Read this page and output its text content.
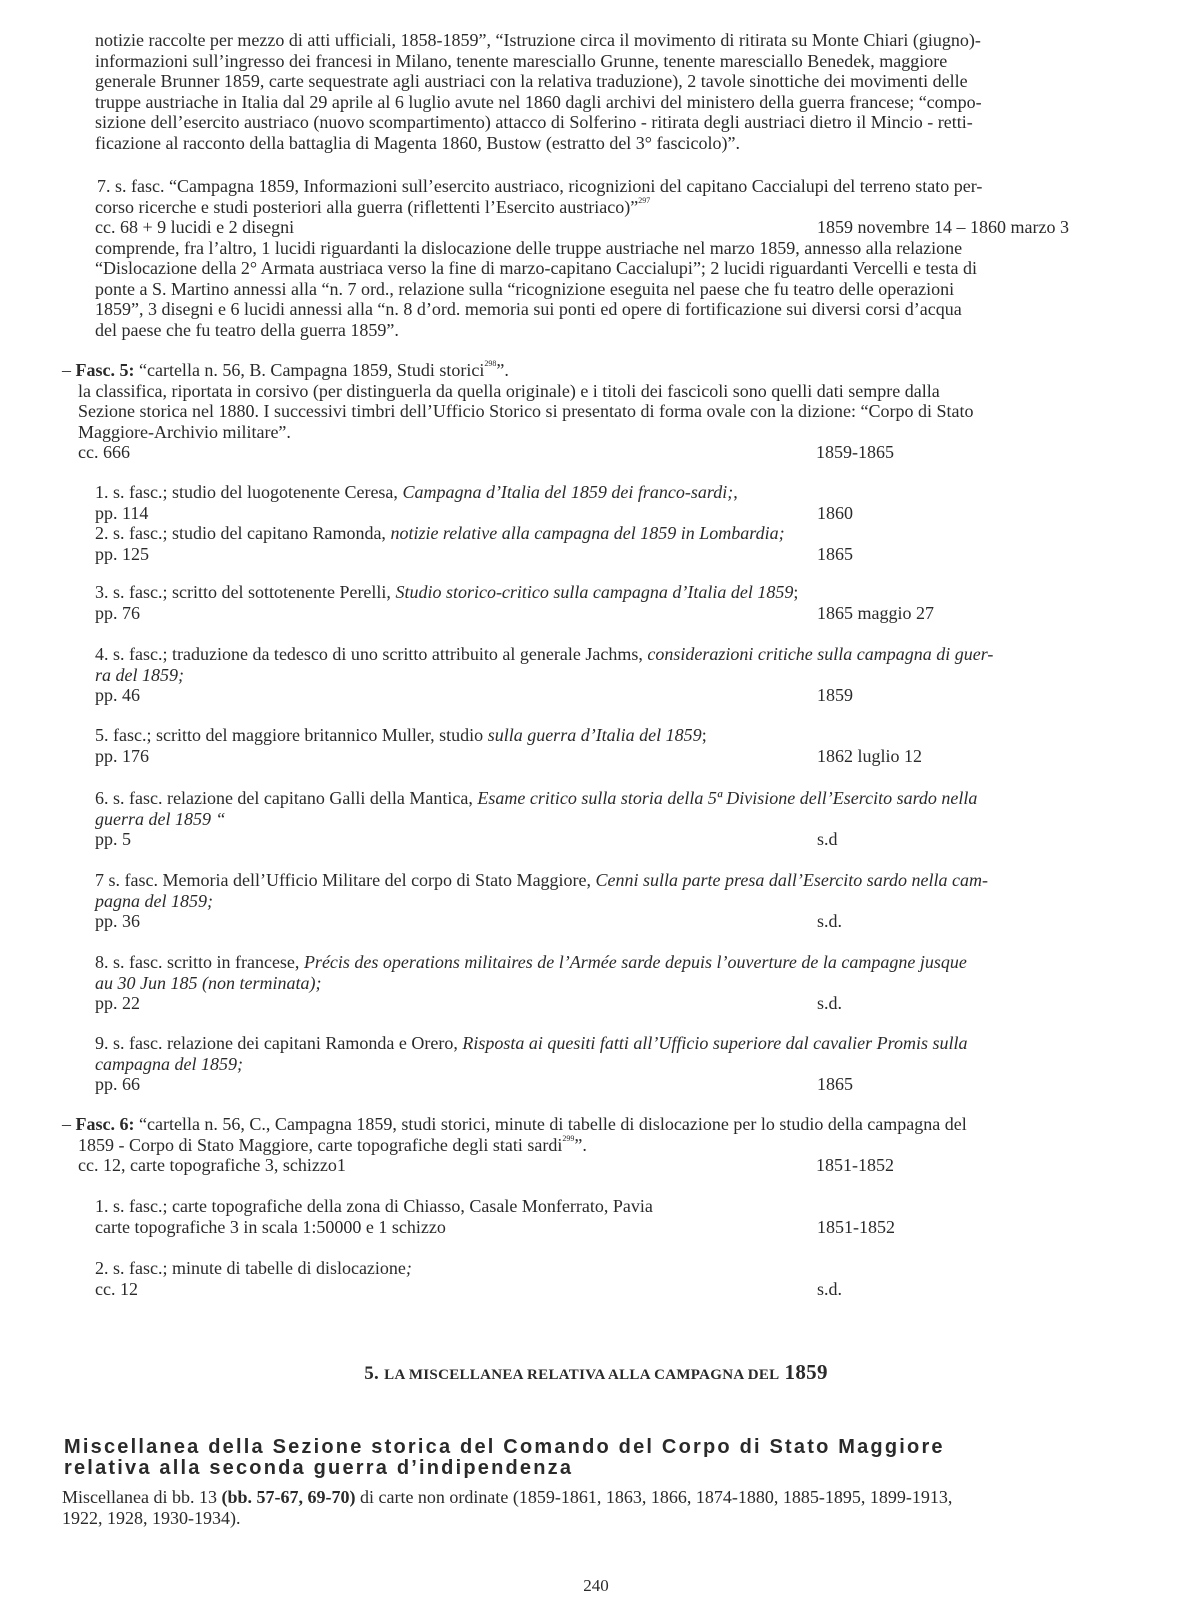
notizie raccolte per mezzo di atti ufficiali, 1858-1859”, “Istruzione circa il movimento di ritirata su Monte Chiari (giugno)-
informazioni sull’ingresso dei francesi in Milano, tenente maresciallo Grunne, tenente maresciallo Benedek, maggiore
generale Brunner 1859, carte sequestrate agli austriaci con la relativa traduzione), 2 tavole sinottiche dei movimenti delle
truppe austriache in Italia dal 29 aprile al 6 luglio avute nel 1860 dagli archivi del ministero della guerra francese; “compo-
sizione dell’esercito austriaco (nuovo scompartimento) attacco di Solferino - ritirata degli austriaci dietro il Mincio - retti-
ficazione al racconto della battaglia di Magenta 1860, Bustow (estratto del 3° fascicolo)”.
7. s. fasc. “Campagna 1859, Informazioni sull’esercito austriaco, ricognizioni del capitano Caccialupi del terreno stato per-
corso ricerche e studi posteriori alla guerra (riflettenti l’Esercito austriaco)”$^{297}$
cc. 68 + 9 lucidi e 2 disegni	1859 novembre 14 – 1860 marzo 3
comprende, fra l’altro, 1 lucidi riguardanti la dislocazione delle truppe austriache nel marzo 1859, annesso alla relazione
“Dislocazione della 2° Armata austriaca verso la fine di marzo-capitano Caccialupi”; 2 lucidi riguardanti Vercelli e testa di
ponte a S. Martino annessi alla “n. 7 ord., relazione sulla “ricognizione eseguita nel paese che fu teatro delle operazioni
1859”, 3 disegni e 6 lucidi annessi alla “n. 8 d’ord. memoria sui ponti ed opere di fortificazione sui diversi corsi d’acqua
del paese che fu teatro della guerra 1859”.
– Fasc. 5: “cartella n. 56, B. Campagna 1859, Studi storici$^{298}$”.
la classifica, riportata in corsivo (per distinguerla da quella originale) e i titoli dei fascicoli sono quelli dati sempre dalla
Sezione storica nel 1880. I successivi timbri dell’Ufficio Storico si presentato di forma ovale con la dizione: “Corpo di Stato
Maggiore-Archivio militare”.
cc. 666	1859-1865
1. s. fasc.; studio del luogotenente Ceresa, Campagna d’Italia del 1859 dei franco-sardi;,
pp. 114	1860
2. s. fasc.; studio del capitano Ramonda, notizie relative alla campagna del 1859 in Lombardia;
pp. 125	1865
3. s. fasc.; scritto del sottotenente Perelli, Studio storico-critico sulla campagna d’Italia del 1859;
pp. 76	1865 maggio 27
4. s. fasc.; traduzione da tedesco di uno scritto attribuito al generale Jachms, considerazioni critiche sulla campagna di guer-
ra del 1859;
pp. 46	1859
5. fasc.; scritto del maggiore britannico Muller, studio sulla guerra d’Italia del 1859;
pp. 176	1862 luglio 12
6. s. fasc. relazione del capitano Galli della Mantica, Esame critico sulla storia della 5ª Divisione dell’Esercito sardo nella
guerra del 1859 “
pp. 5	s.d
7 s. fasc. Memoria dell’Ufficio Militare del corpo di Stato Maggiore, Cenni sulla parte presa dall’Esercito sardo nella cam-
pagna del 1859;
pp. 36	s.d.
8. s. fasc. scritto in francese, Précis des operations militaires de l’Armée sarde depuis l’ouverture de la campagne jusque
au 30 Jun 185 (non terminata);
pp. 22	s.d.
9. s. fasc. relazione dei capitani Ramonda e Orero, Risposta ai quesiti fatti all’Ufficio superiore dal cavalier Promis sulla
campagna del 1859;
pp. 66	1865
– Fasc. 6: “cartella n. 56, C., Campagna 1859, studi storici, minute di tabelle di dislocazione per lo studio della campagna del
1859 - Corpo di Stato Maggiore, carte topografiche degli stati sardi$^{299}$”.
cc. 12, carte topografiche 3, schizzo1	1851-1852
1. s. fasc.; carte topografiche della zona di Chiasso, Casale Monferrato, Pavia
carte topografiche 3 in scala 1:50000 e 1 schizzo	1851-1852
2. s. fasc.; minute di tabelle di dislocazione;
cc. 12	s.d.
5. LA MISCELLANEA RELATIVA ALLA CAMPAGNA DEL 1859
Miscellanea della Sezione storica del Comando del Corpo di Stato Maggiore
relativa alla seconda guerra d’indipendenza
Miscellanea di bb. 13 (bb. 57-67, 69-70) di carte non ordinate (1859-1861, 1863, 1866, 1874-1880, 1885-1895, 1899-1913,
1922, 1928, 1930-1934).
240
